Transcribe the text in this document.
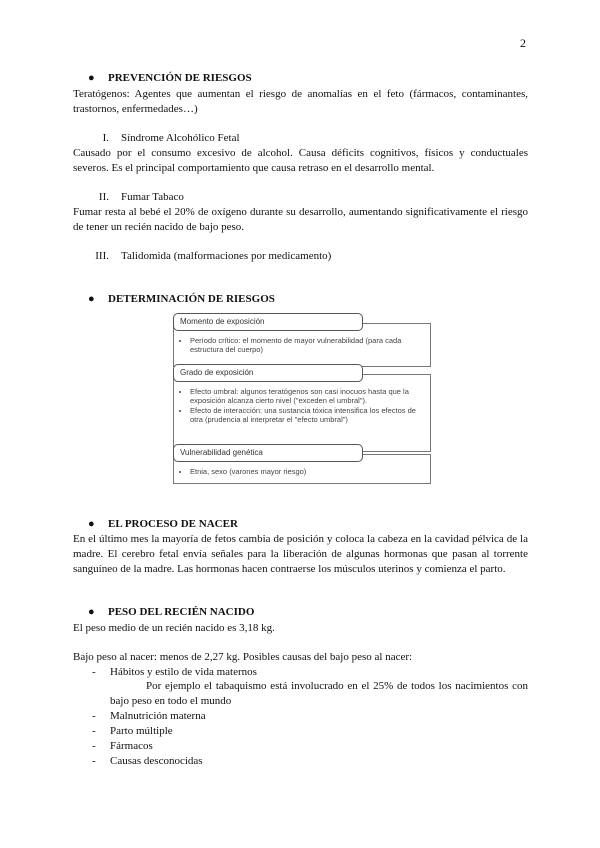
2
● PREVENCIÓN DE RIESGOS
Teratógenos: Agentes que aumentan el riesgo de anomalías en el feto (fármacos, contaminantes, trastornos, enfermedades…)
I. Síndrome Alcohólico Fetal
Causado por el consumo excesivo de alcohol. Causa déficits cognitivos, físicos y conductuales severos. Es el principal comportamiento que causa retraso en el desarrollo mental.
II. Fumar Tabaco
Fumar resta al bebé el 20% de oxígeno durante su desarrollo, aumentando significativamente el riesgo de tener un recién nacido de bajo peso.
III. Talidomida (malformaciones por medicamento)
● DETERMINACIÓN DE RIESGOS
Momento de exposición
• Período crítico: el momento de mayor vulnerabilidad (para cada estructura del cuerpo)
Grado de exposición
• Efecto umbral: algunos teratógenos son casi inocuos hasta que la exposición alcanza cierto nivel ("exceden el umbral").
• Efecto de interacción: una sustancia tóxica intensifica los efectos de otra (prudencia al interpretar el "efecto umbral")
Vulnerabilidad genética
• Etnia, sexo (varones mayor riesgo)
● EL PROCESO DE NACER
En el último mes la mayoría de fetos cambia de posición y coloca la cabeza en la cavidad pélvica de la madre. El cerebro fetal envía señales para la liberación de algunas hormonas que pasan al torrente sanguíneo de la madre. Las hormonas hacen contraerse los músculos uterinos y comienza el parto.
● PESO DEL RECIÉN NACIDO
El peso medio de un recién nacido es 3,18 kg.
Bajo peso al nacer: menos de 2,27 kg. Posibles causas del bajo peso al nacer:
- Hábitos y estilo de vida maternos
Por ejemplo el tabaquismo está involucrado en el 25% de todos los nacimientos con bajo peso en todo el mundo
- Malnutrición materna
- Parto múltiple
- Fármacos
- Causas desconocidas
